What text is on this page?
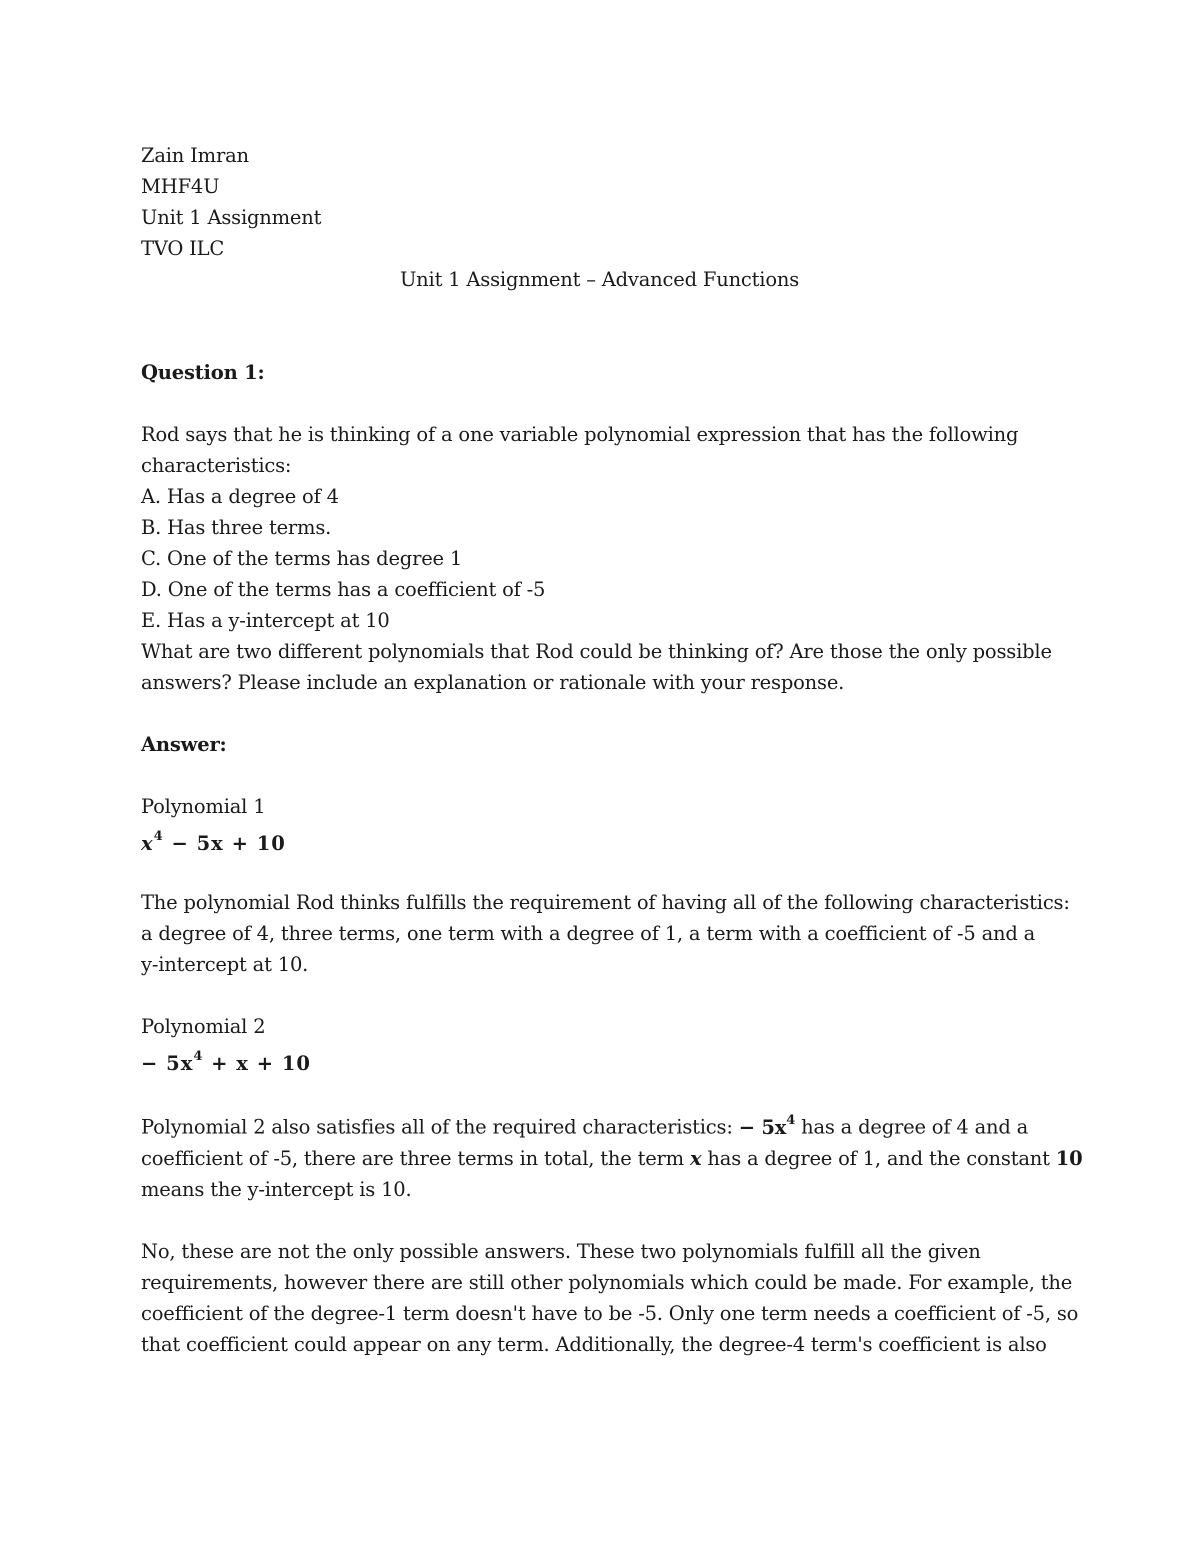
Zain Imran
MHF4U
Unit 1 Assignment
TVO ILC
Unit 1 Assignment – Advanced Functions
Question 1:
Rod says that he is thinking of a one variable polynomial expression that has the following
characteristics:
A. Has a degree of 4
B. Has three terms.
C. One of the terms has degree 1
D. One of the terms has a coefficient of -5
E. Has a y-intercept at 10
What are two different polynomials that Rod could be thinking of? Are those the only possible
answers? Please include an explanation or rationale with your response.
Answer:
Polynomial 1
$x^4 - 5x + 10$
The polynomial Rod thinks fulfills the requirement of having all of the following characteristics:
a degree of 4, three terms, one term with a degree of 1, a term with a coefficient of -5 and a
y-intercept at 10.
Polynomial 2
− $5x^4 + x + 10$
Polynomial 2 also satisfies all of the required characteristics: − $5x^4$ has a degree of 4 and a
coefficient of -5, there are three terms in total, the term x has a degree of 1, and the constant 10
means the y-intercept is 10.
No, these are not the only possible answers. These two polynomials fulfill all the given
requirements, however there are still other polynomials which could be made. For example, the
coefficient of the degree-1 term doesn't have to be -5. Only one term needs a coefficient of -5, so
that coefficient could appear on any term. Additionally, the degree-4 term's coefficient is also
